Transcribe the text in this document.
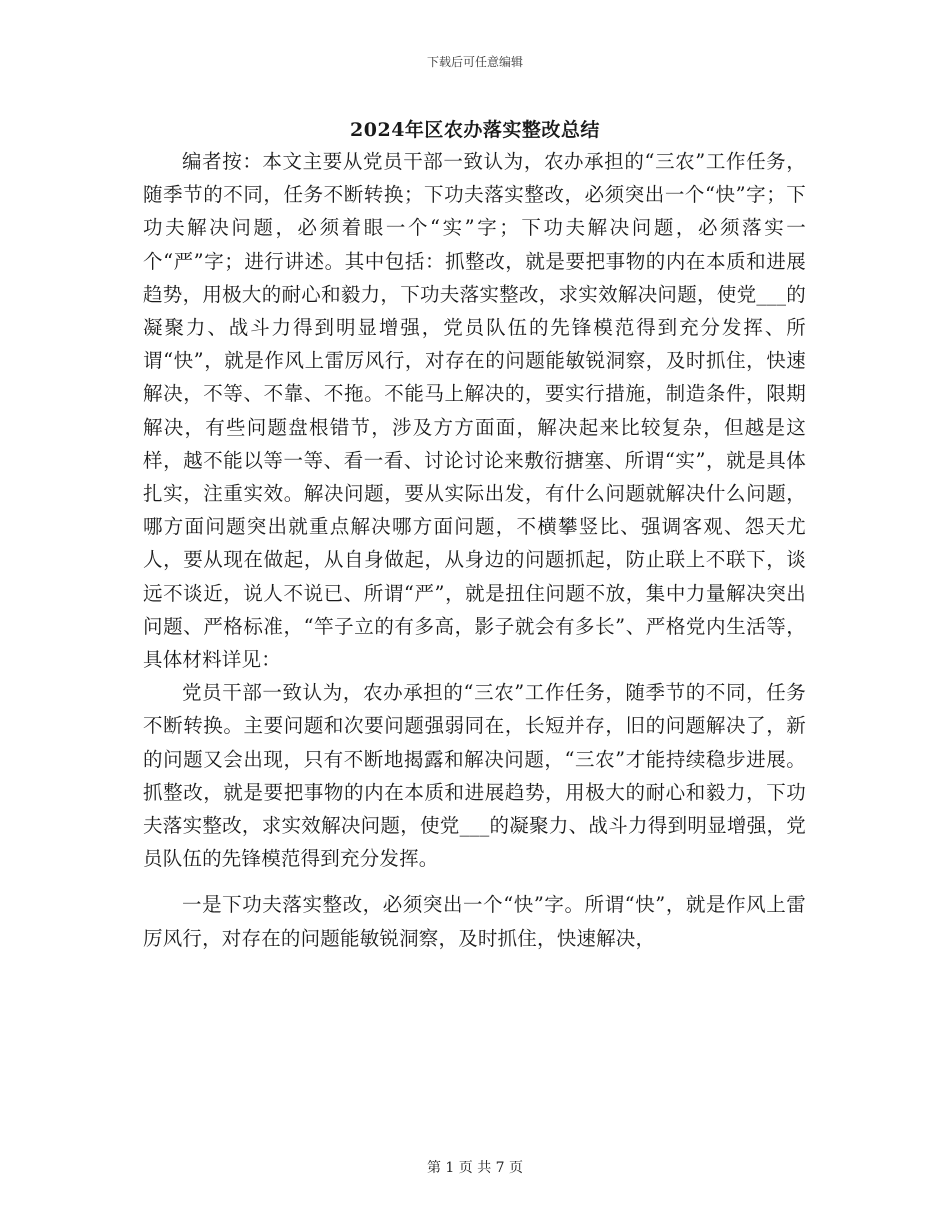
下载后可任意编辑
2024年区农办落实整改总结

编者按：本文主要从党员干部一致认为，农办承担的“三农”工作任务，随季节的不同，任务不断转换；下功夫落实整改，必须突出一个“快”字；下功夫解决问题，必须着眼一个“实”字；下功夫解决问题，必须落实一个“严”字；进行讲述。其中包括：抓整改，就是要把事物的内在本质和进展趋势，用极大的耐心和毅力，下功夫落实整改，求实效解决问题，使党___的凝聚力、战斗力得到明显增强，党员队伍的先锋模范得到充分发挥、所谓“快”，就是作风上雷厉风行，对存在的问题能敏锐洞察，及时抓住，快速解决，不等、不靠、不拖。不能马上解决的，要实行措施，制造条件，限期解决，有些问题盘根错节，涉及方方面面，解决起来比较复杂，但越是这样，越不能以等一等、看一看、讨论讨论来敷衍搪塞、所谓“实”，就是具体扎实，注重实效。解决问题，要从实际出发，有什么问题就解决什么问题，哪方面问题突出就重点解决哪方面问题，不横攀竖比、强调客观、怨天尤人，要从现在做起，从自身做起，从身边的问题抓起，防止联上不联下，谈远不谈近，说人不说已、所谓“严”，就是扭住问题不放，集中力量解决突出问题、严格标准，“竿子立的有多高，影子就会有多长”、严格党内生活等，具体材料详见：

党员干部一致认为，农办承担的“三农”工作任务，随季节的不同，任务不断转换。主要问题和次要问题强弱同在，长短并存，旧的问题解决了，新的问题又会出现，只有不断地揭露和解决问题，“三农”才能持续稳步进展。抓整改，就是要把事物的内在本质和进展趋势，用极大的耐心和毅力，下功夫落实整改，求实效解决问题，使党___的凝聚力、战斗力得到明显增强，党员队伍的先锋模范得到充分发挥。

一是下功夫落实整改，必须突出一个“快”字。所谓“快”，就是作风上雷厉风行，对存在的问题能敏锐洞察，及时抓住，快速解决，

第 1 页 共 7 页
